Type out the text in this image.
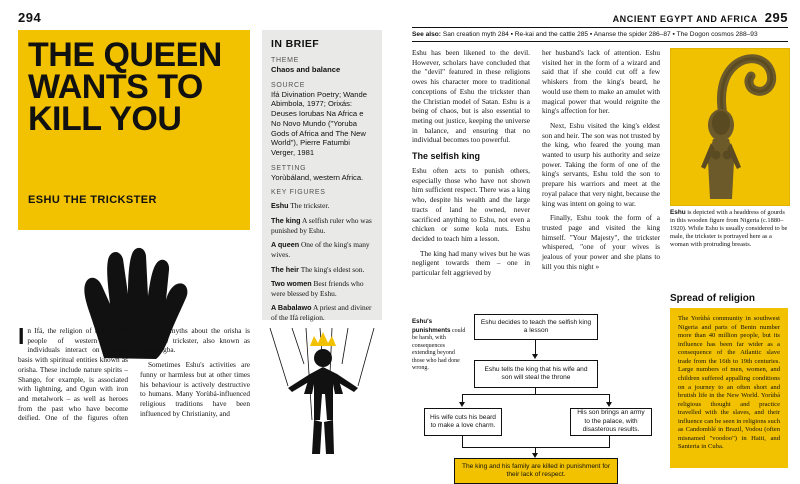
294
THE QUEEN WANTS TO KILL YOU
ESHU THE TRICKSTER
IN BRIEF
THEME
Chaos and balance
SOURCE
Ifá Divination Poetry; Wande Abimbola, 1977; Orixás: Deuses Iorubas Na Africa e No Novo Mundo ("Yoruba Gods of Africa and The New World"), Pierre Fatumbi Verger, 1981
SETTING
Yorùbáland, western Africa.
KEY FIGURES
Eshu The trickster.
The king A selfish ruler who was punished by Eshu.
A queen One of the king's many wives.
The heir The king's eldest son.
Two women Best friends who were blessed by Eshu.
A Babalawo A priest and diviner of the Ifá religion.

In Ifá, the religion of the Yorùbá people of western Africa, individuals interact on a daily basis with spiritual entities known as orisha. These include nature spirits – Shango, for example, is associated with lightning, and Ogun with iron and metalwork – as well as heroes from the past who have become deified. One of the figures often found in myths about the orisha is Eshu the trickster, also known as Esù-Elegba.

Sometimes Eshu's activities are funny or harmless but at other times his behaviour is actively destructive to humans. Many Yorùbá-influenced religious traditions have been influenced by Christianity, and

ANCIENT EGYPT AND AFRICA 295
See also: San creation myth 284 ▪ Re-kai and the cattle 285 ▪ Ananse the spider 286–87 ▪ The Dogon cosmos 288–93

Eshu has been likened to the devil. However, scholars have concluded that the "devil" featured in these religions owes his character more to traditional conceptions of Eshu the trickster than the Christian model of Satan. Eshu is a being of chaos, but is also essential to meting out justice, keeping the universe in balance, and ensuring that no individual becomes too powerful.

The selfish king

Eshu often acts to punish others, especially those who have not shown him sufficient respect. There was a king who, despite his wealth and the large tracts of land he owned, never sacrificed anything to Eshu, not even a chicken or some kola nuts. Eshu decided to teach him a lesson.

The king had many wives but he was negligent towards them – one in particular felt aggrieved by

her husband's lack of attention. Eshu visited her in the form of a wizard and said that if she could cut off a few whiskers from the king's beard, he would use them to make an amulet with magical power that would reignite the king's affection for her.

Next, Eshu visited the king's eldest son and heir. The son was not trusted by the king, who feared the young man wanted to usurp his authority and seize power. Taking the form of one of the king's servants, Eshu told the son to prepare his warriors and meet at the royal palace that very night, because the king was intent on going to war.

Finally, Eshu took the form of a trusted page and visited the king himself. "Your Majesty", the trickster whispered, "one of your wives is jealous of your power and she plans to kill you this night »

Eshu is depicted with a headdress of gourds in this wooden figure from Nigeria (c.1880–1920). While Eshu is usually considered to be male, the trickster is portrayed here as a woman with protruding breasts.
Spread of religion

The Yorùbá community in southwest Nigeria and parts of Benin number more than 40 million people, but its influence has been far wider as a consequence of the Atlantic slave trade from the 16th to 19th centuries. Large numbers of men, women, and children suffered appalling conditions on a journey to an often short and brutish life in the New World. Yorùbá religious thought and practice travelled with the slaves, and their influence can be seen in religions such as Candomblé in Brazil, Vodou (often misnamed "voodoo") in Haiti, and Santeria in Cuba.

Eshu's punishments could be harsh, with consequences extending beyond those who had done wrong.
Eshu decides to teach the selfish king a lesson
Eshu tells the king that his wife and son will steal the throne
His wife cuts his beard to make a love charm.
His son brings an army to the palace, with disasterous results.
The king and his family are killed in punishment for their lack of respect.
